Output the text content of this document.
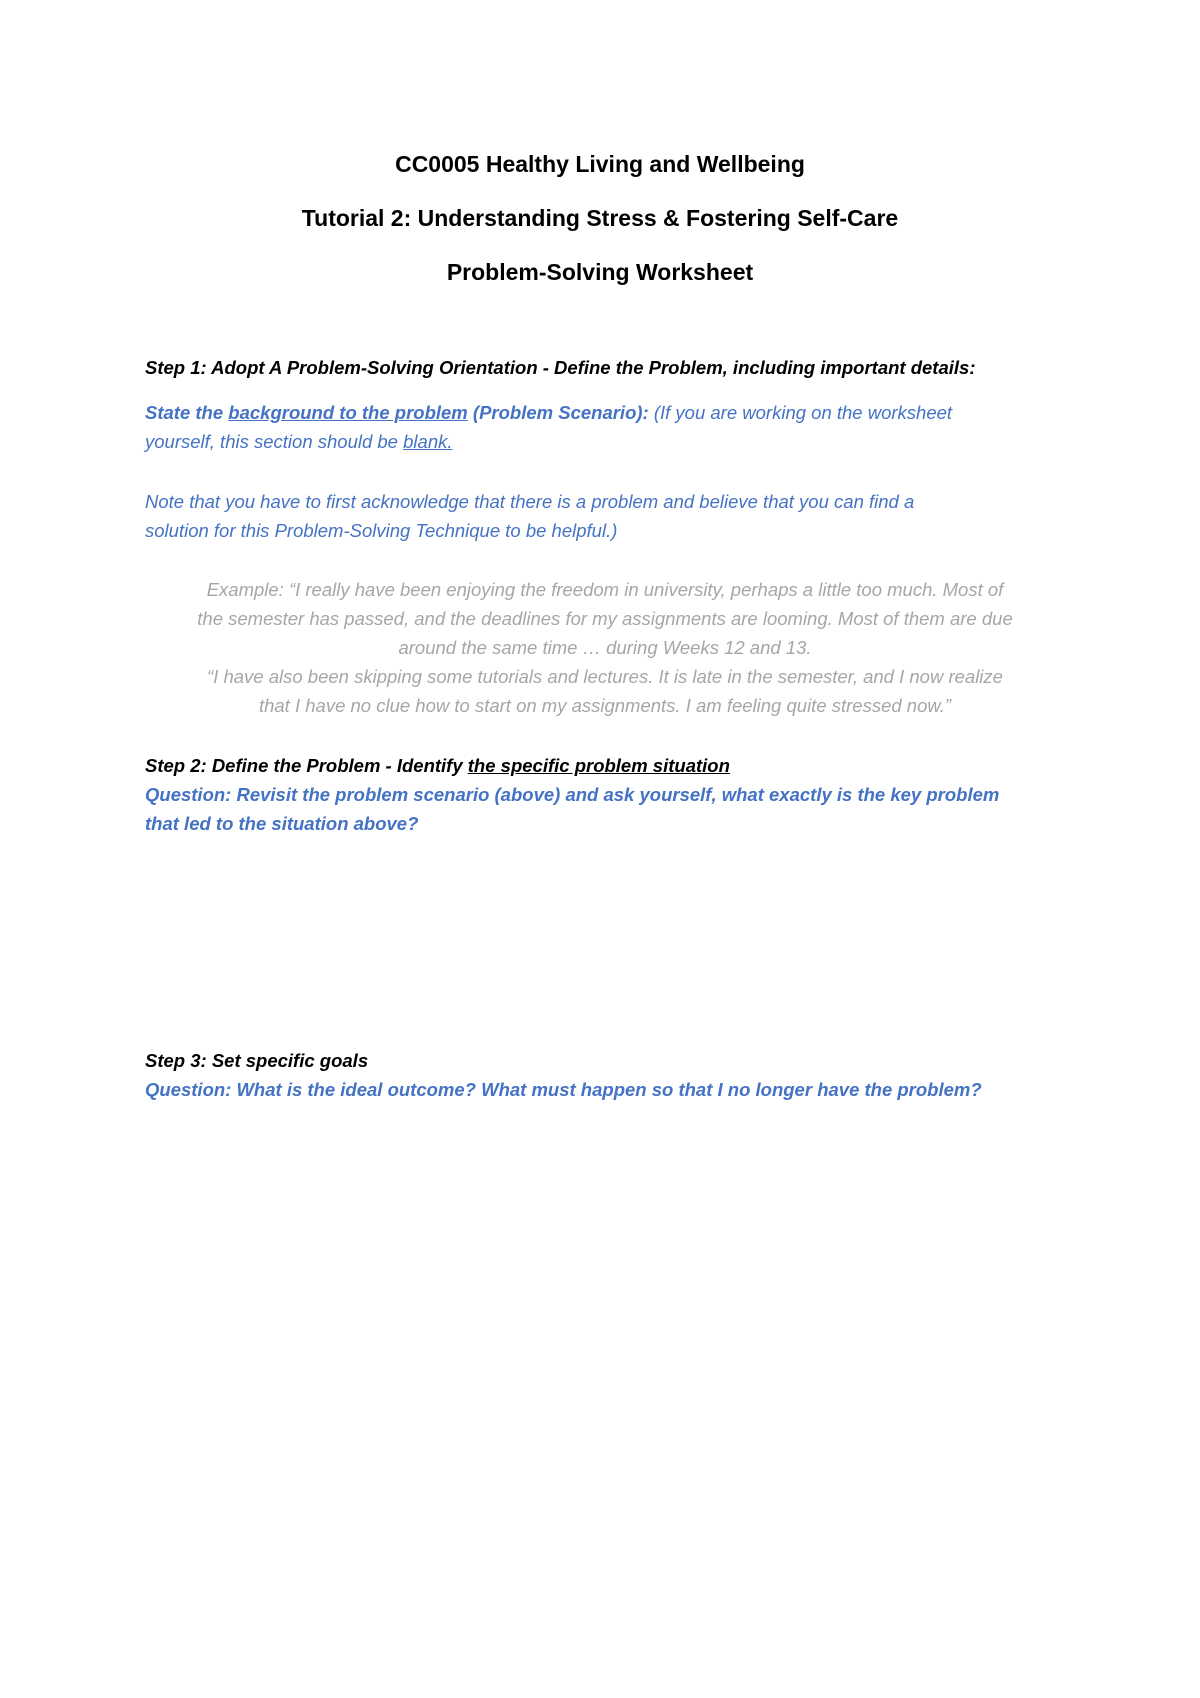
CC0005 Healthy Living and Wellbeing
Tutorial 2: Understanding Stress & Fostering Self-Care
Problem-Solving Worksheet
Step 1: Adopt A Problem-Solving Orientation - Define the Problem, including important details:
State the background to the problem (Problem Scenario): (If you are working on the worksheet
yourself, this section should be blank.
Note that you have to first acknowledge that there is a problem and believe that you can find a
solution for this Problem-Solving Technique to be helpful.)
Example: “I really have been enjoying the freedom in university, perhaps a little too much. Most of
the semester has passed, and the deadlines for my assignments are looming. Most of them are due
around the same time … during Weeks 12 and 13.
“I have also been skipping some tutorials and lectures. It is late in the semester, and I now realize
that I have no clue how to start on my assignments. I am feeling quite stressed now.”
Step 2: Define the Problem - Identify the specific problem situation
Question: Revisit the problem scenario (above) and ask yourself, what exactly is the key problem
that led to the situation above?
Step 3: Set specific goals
Question: What is the ideal outcome? What must happen so that I no longer have the problem?
